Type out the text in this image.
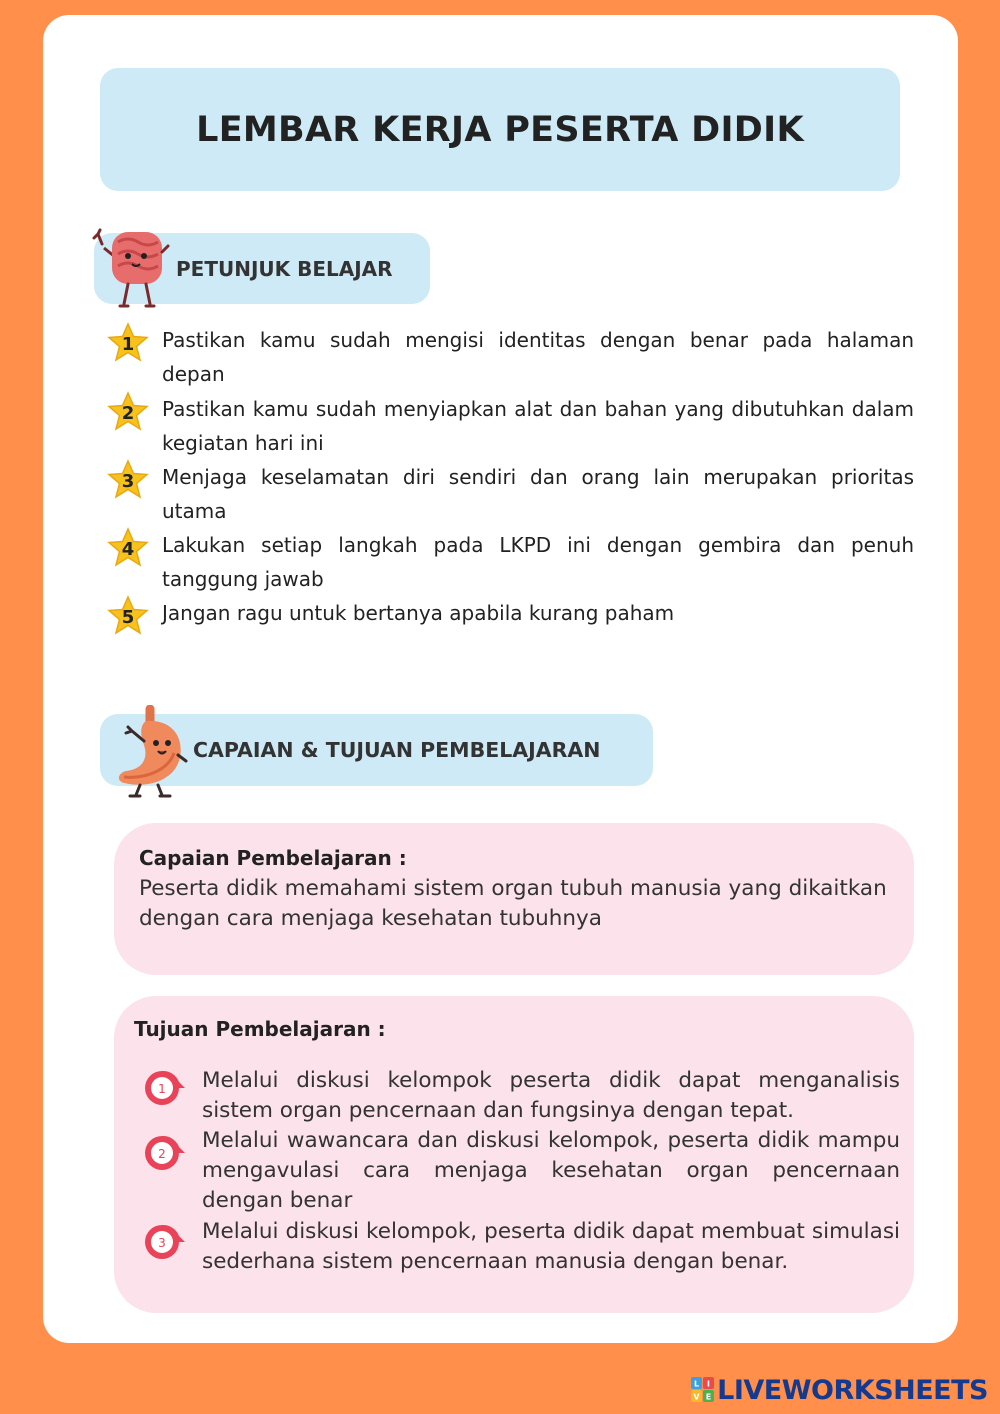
LEMBAR KERJA PESERTA DIDIK
PETUNJUK BELAJAR
1 Pastikan kamu sudah mengisi identitas dengan benar pada halaman depan
2 Pastikan kamu sudah menyiapkan alat dan bahan yang dibutuhkan dalam kegiatan hari ini
3 Menjaga keselamatan diri sendiri dan orang lain merupakan prioritas utama
4 Lakukan setiap langkah pada LKPD ini dengan gembira dan penuh tanggung jawab
5 Jangan ragu untuk bertanya apabila kurang paham
CAPAIAN & TUJUAN PEMBELAJARAN
Capaian Pembelajaran :
Peserta didik memahami sistem organ tubuh manusia yang dikaitkan dengan cara menjaga kesehatan tubuhnya
Tujuan Pembelajaran :
1 Melalui diskusi kelompok peserta didik dapat menganalisis sistem organ pencernaan dan fungsinya dengan tepat.
2
Melalui wawancara dan diskusi kelompok, peserta didik mampu mengavulasi cara menjaga kesehatan organ pencernaan dengan benar
3 Melalui diskusi kelompok, peserta didik dapat membuat simulasi sederhana sistem pencernaan manusia dengan benar.
L I
V E LIVEWORKSHEETS
